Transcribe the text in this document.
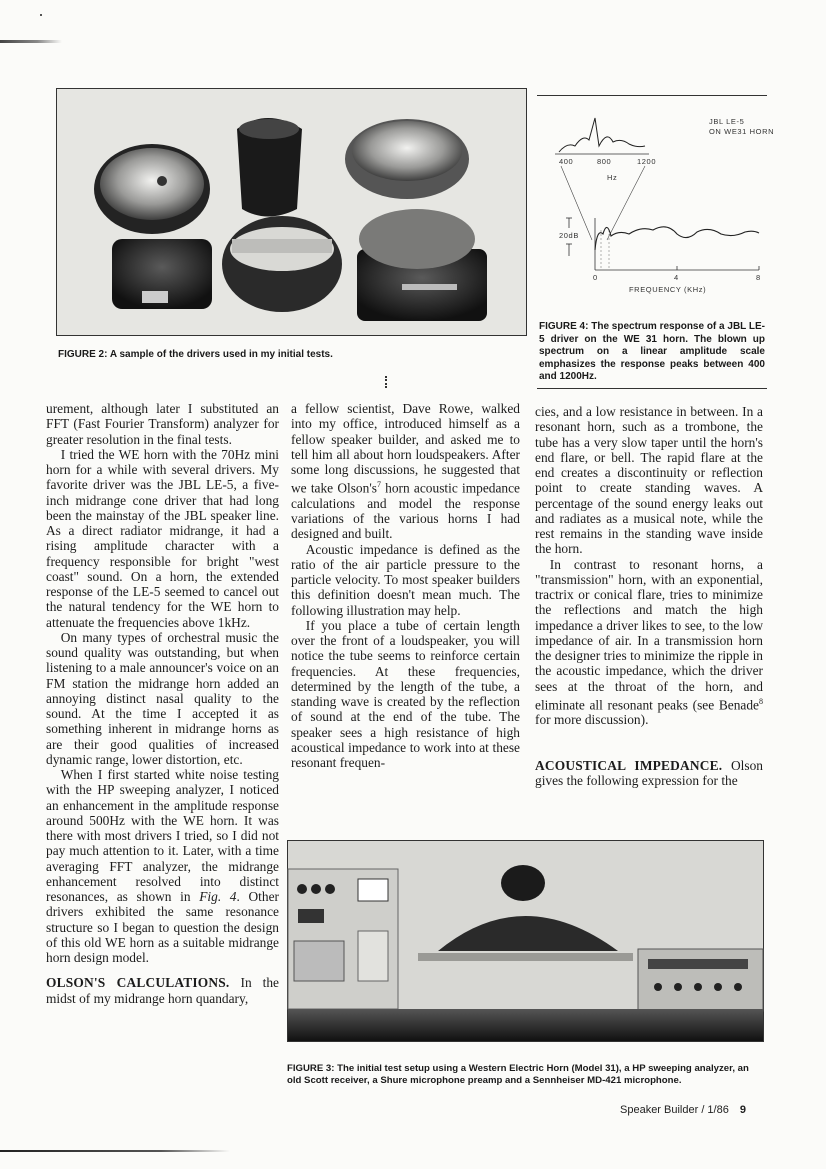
FIGURE 2: A sample of the drivers used in my initial tests.
400	800	1200
Hz
JBL LE-5
ON WE31 HORN
20dB
0	4	8
FREQUENCY (KHz)
FIGURE 4: The spectrum response of a JBL LE-5 driver on the WE 31 horn. The blown up spectrum on a linear amplitude scale emphasizes the response peaks between 400 and 1200Hz.

urement, although later I substituted an FFT (Fast Fourier Transform) analyzer for greater resolution in the final tests.

I tried the WE horn with the 70Hz mini horn for a while with several drivers. My favorite driver was the JBL LE-5, a five-inch midrange cone driver that had long been the mainstay of the JBL speaker line. As a direct radiator midrange, it had a rising amplitude character with a frequency responsible for bright "west coast" sound. On a horn, the extended response of the LE-5 seemed to cancel out the natural tendency for the WE horn to attenuate the frequencies above 1kHz.

On many types of orchestral music the sound quality was outstanding, but when listening to a male announcer's voice on an FM station the midrange horn added an annoying distinct nasal quality to the sound. At the time I accepted it as something inherent in midrange horns as are their good qualities of increased dynamic range, lower distortion, etc.

When I first started white noise testing with the HP sweeping analyzer, I noticed an enhancement in the amplitude response around 500Hz with the WE horn. It was there with most drivers I tried, so I did not pay much attention to it. Later, with a time averaging FFT analyzer, the midrange enhancement resolved into distinct resonances, as shown in Fig. 4. Other drivers exhibited the same resonance structure so I began to question the design of this old WE horn as a suitable midrange horn design model.

OLSON'S CALCULATIONS. In the midst of my midrange horn quandary,

a fellow scientist, Dave Rowe, walked into my office, introduced himself as a fellow speaker builder, and asked me to tell him all about horn loudspeakers. After some long discussions, he suggested that we take $Olson's^7$ horn acoustic impedance calculations and model the response variations of the various horns I had designed and built.

Acoustic impedance is defined as the ratio of the air particle pressure to the particle velocity. To most speaker builders this definition doesn't mean much. The following illustration may help.

If you place a tube of certain length over the front of a loudspeaker, you will notice the tube seems to reinforce certain frequencies. At these frequencies, determined by the length of the tube, a standing wave is created by the reflection of sound at the end of the tube. The speaker sees a high resistance of high acoustical impedance to work into at these resonant frequen-

cies, and a low resistance in between. In a resonant horn, such as a trombone, the tube has a very slow taper until the horn's end flare, or bell. The rapid flare at the end creates a discontinuity or reflection point to create standing waves. A percentage of the sound energy leaks out and radiates as a musical note, while the rest remains in the standing wave inside the horn.

In contrast to resonant horns, a "transmission" horn, with an exponential, tractrix or conical flare, tries to minimize the reflections and match the high impedance a driver likes to see, to the low impedance of air. In a transmission horn the designer tries to minimize the ripple in the acoustic impedance, which the driver sees at the throat of the horn, and eliminate all resonant peaks (see Benade$^8$ for more discussion).

ACOUSTICAL IMPEDANCE. Olson gives the following expression for the

FIGURE 3: The initial test setup using a Western Electric Horn (Model 31), a HP sweeping analyzer, an old Scott receiver, a Shure microphone preamp and a Sennheiser MD-421 microphone.
Speaker Builder / 1/86 9
